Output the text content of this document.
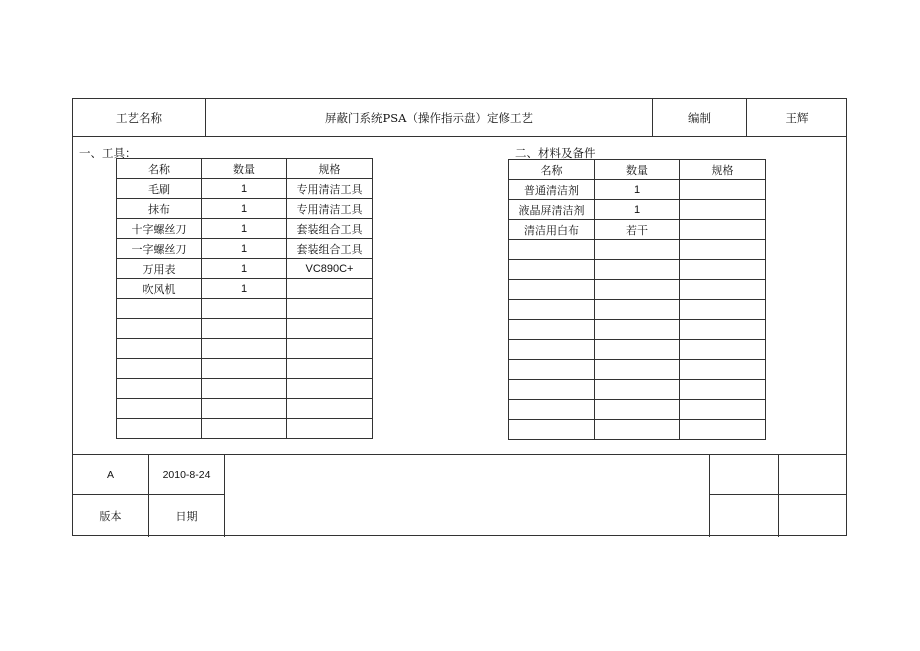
工艺名称	屏蔽门系统PSA（操作指示盘）定修工艺	编制	王辉
一、工具：	二、材料及备件
名称	数量	规格
毛刷	1	专用清洁工具
抹布	1	专用清洁工具
十字螺丝刀	1	套装组合工具
一字螺丝刀	1	套装组合工具
万用表	1	VC890C+
吹风机	1	

名称	数量	规格
普通清洁剂	1	
液晶屏清洁剂	1	
清洁用白布	若干	

A	2010-8-24
版本	日期
